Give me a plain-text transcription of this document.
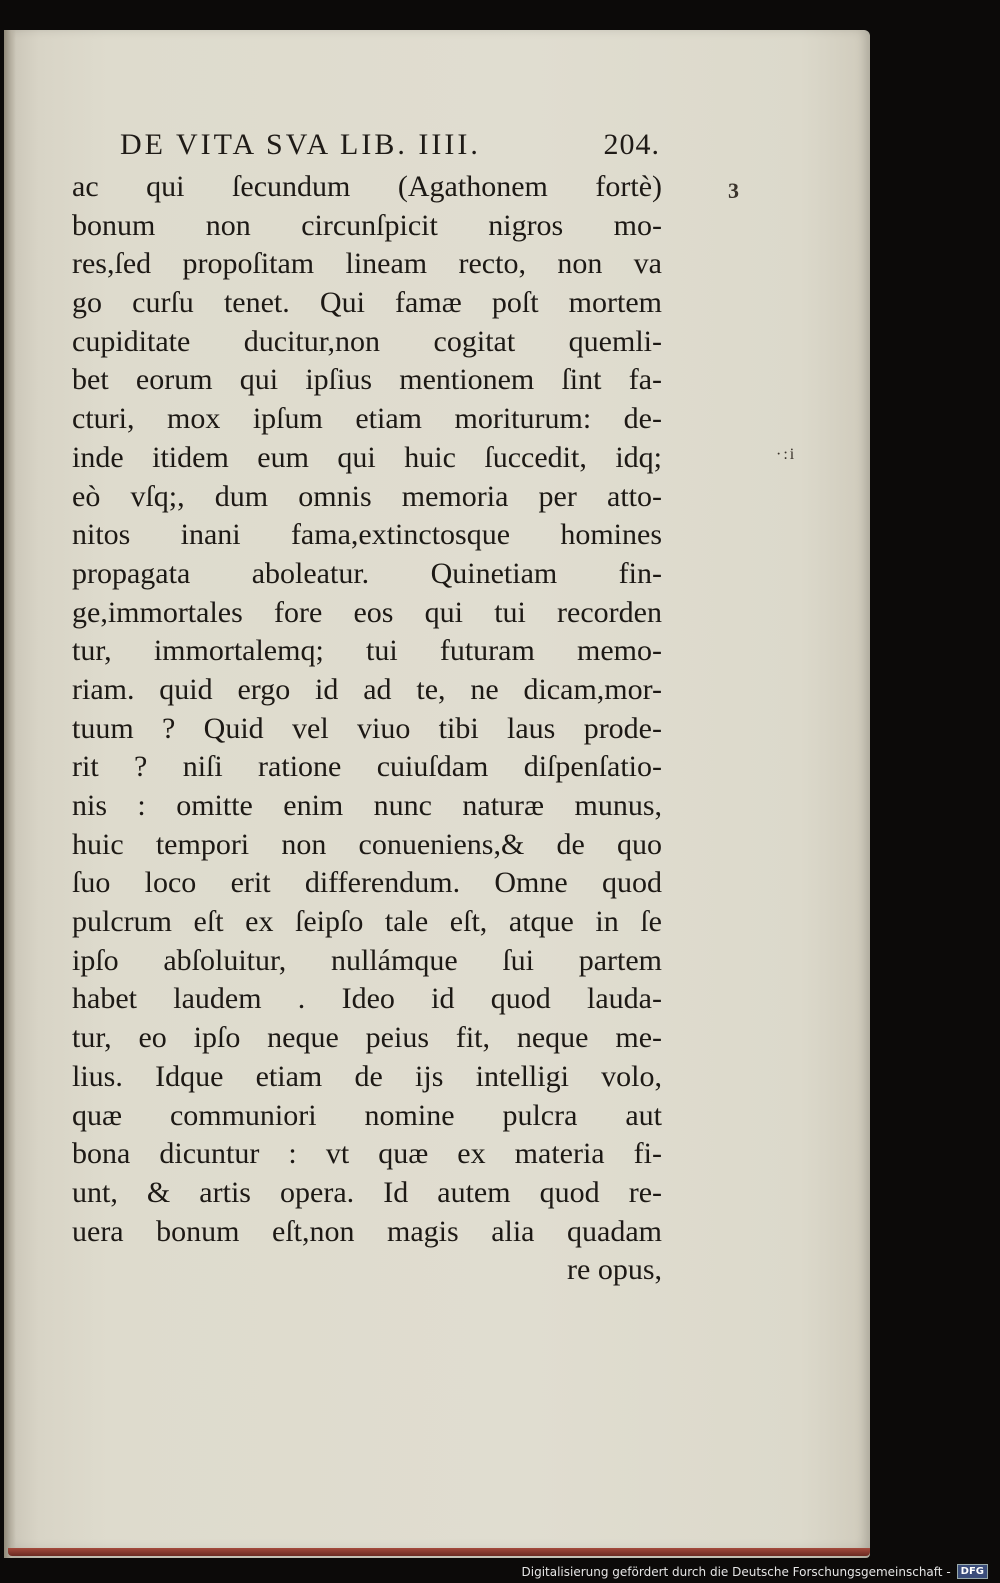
DE VITA SVA LIB. IIII.	204.
ac qui ſecundum (Agathonem fortè)
bonum non circunſpicit nigros mo-
res,ſed propoſitam lineam recto, non va
go curſu tenet. Qui famæ poſt mortem
cupiditate ducitur,non cogitat quemli-
bet eorum qui ipſius mentionem ſint fa-
cturi, mox ipſum etiam moriturum: de-
inde itidem eum qui huic ſuccedit, idq;
eò vſq;, dum omnis memoria per atto-
nitos inani fama,extinctosque homines
propagata aboleatur. Quinetiam fin-
ge,immortales fore eos qui tui recorden
tur, immortalemq; tui futuram memo-
riam. quid ergo id ad te, ne dicam,mor-
tuum ? Quid vel viuo tibi laus prode-
rit ? niſi ratione cuiuſdam diſpenſatio-
nis : omitte enim nunc naturæ munus,
huic tempori non conueniens,& de quo
ſuo loco erit differendum. Omne quod
pulcrum eſt ex ſeipſo tale eſt, atque in ſe
ipſo abſoluitur, nullámque ſui partem
habet laudem . Ideo id quod lauda-
tur, eo ipſo neque peius fit, neque me-
lius. Idque etiam de ijs intelligi volo,
quæ communiori nomine pulcra aut
bona dicuntur : vt quæ ex materia fi-
unt, & artis opera. Id autem quod re-
uera bonum eſt,non magis alia quadam
re opus,
3
·:i
Digitalisierung gefördert durch die Deutsche Forschungsgemeinschaft -	DFG
